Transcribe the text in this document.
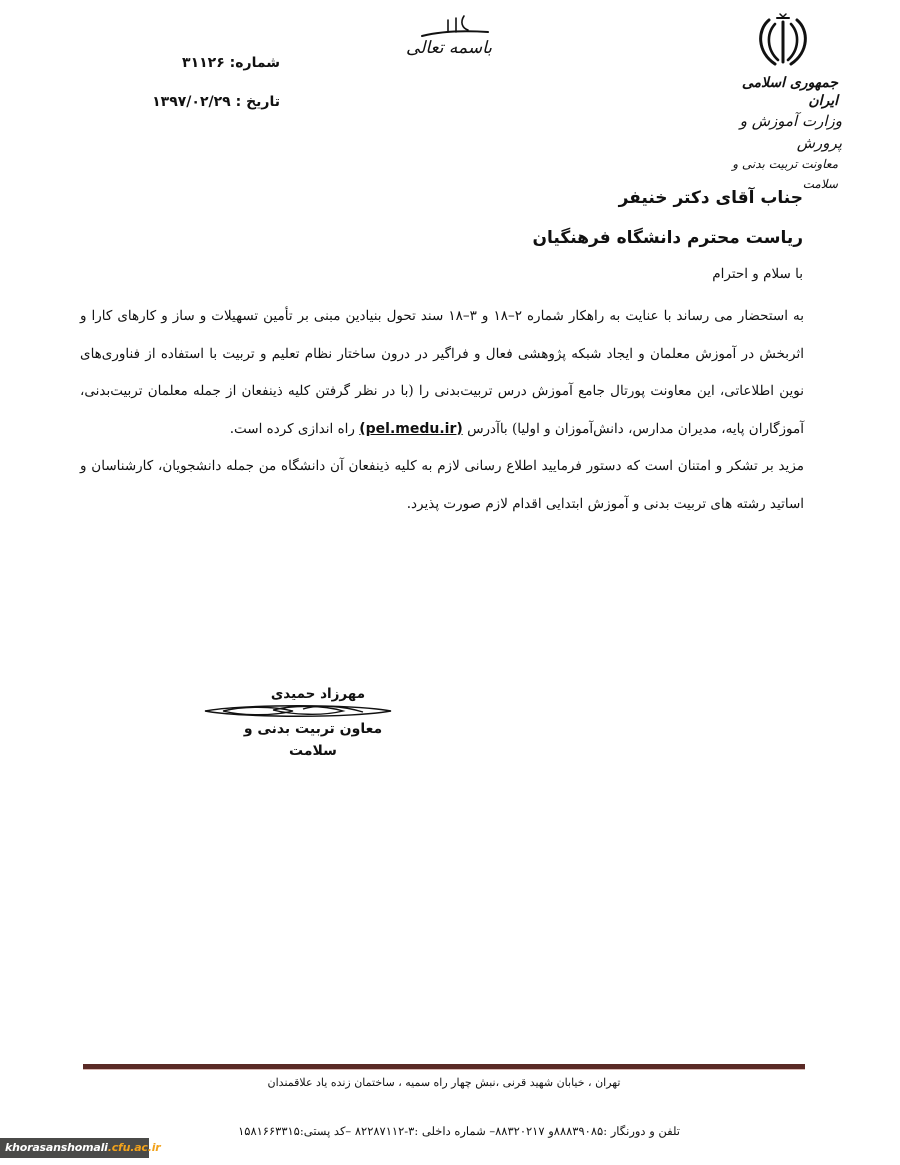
جمهوری اسلامی ایران
وزارت آموزش و پرورش
معاونت تربیت بدنی و سلامت
باسمه تعالی
شماره: ۳۱۱۲۶
تاریخ : ۱۳۹۷/۰۲/۲۹
جناب آقای دکتر خنیفر
ریاست محترم دانشگاه فرهنگیان
با سلام و احترام

به استحضار می رساند با عنایت به راهکار شماره ۲–۱۸ و ۳–۱۸ سند تحول بنیادین مبنی بر تأمین تسهیلات و ساز و کارهای کارا و اثربخش در آموزش معلمان و ایجاد شبکه پژوهشی فعال و فراگیر در درون ساختار نظام تعلیم و تربیت با استفاده از فناوری‌های نوین اطلاعاتی، این معاونت پورتال جامع آموزش درس تربیت‌بدنی را (با در نظر گرفتن کلیه ذینفعان از جمله معلمان تربیت‌بدنی، آموزگاران پایه، مدیران مدارس، دانش‌آموزان و اولیا) باآدرس (pel.medu.ir) راه اندازی کرده است.

مزید بر تشکر و امتنان است که دستور فرمایید اطلاع رسانی لازم به کلیه ذینفعان آن دانشگاه من جمله دانشجویان، کارشناسان و اساتید رشته های تربیت بدنی و آموزش ابتدایی اقدام لازم صورت پذیرد.

مهرزاد حمیدی
معاون تربیت بدنی و سلامت
تهران ، خیابان شهید قرنی ،نبش چهار راه سمیه ، ساختمان زنده یاد علاقمندان
تلفن و دورنگار :۸۸۸۳۹۰۸۵و ۸۸۳۲۰۲۱۷– شماره داخلی :۳-۸۲۲۸۷۱۱۲ –کد پستی:۱۵۸۱۶۶۳۳۱۵
khorasanshomali.cfu.ac.ir
